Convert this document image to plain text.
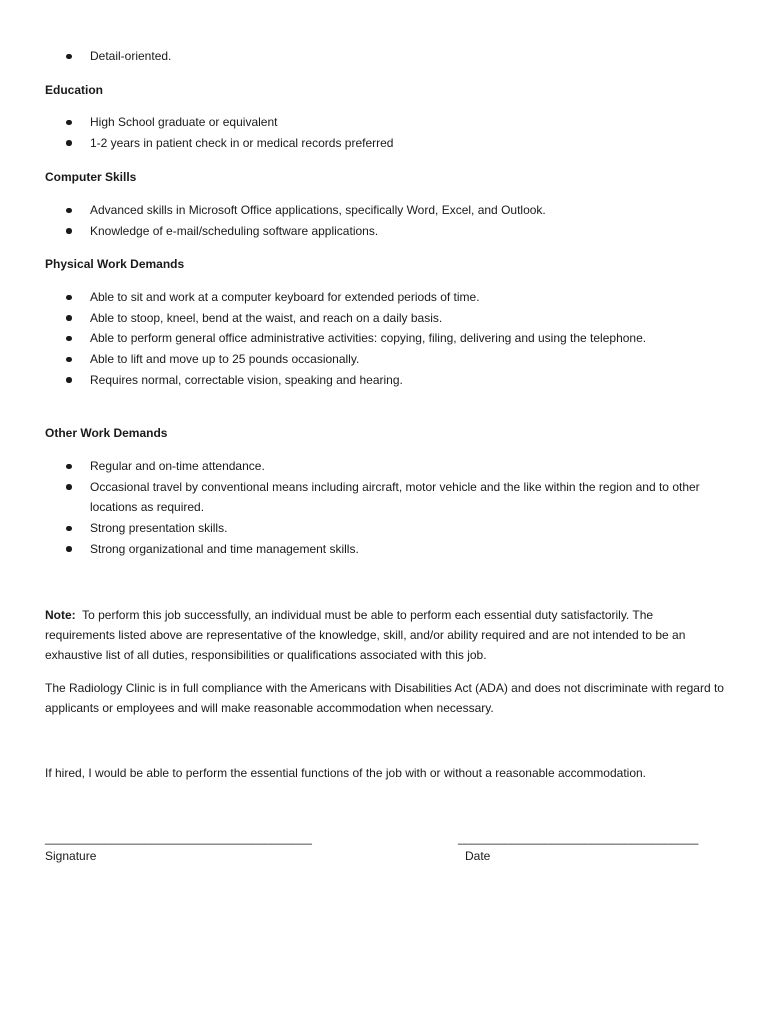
Detail-oriented.
Education
High School graduate or equivalent
1-2 years in patient check in or medical records preferred
Computer Skills
Advanced skills in Microsoft Office applications, specifically Word, Excel, and Outlook.
Knowledge of e-mail/scheduling software applications.
Physical Work Demands
Able to sit and work at a computer keyboard for extended periods of time.
Able to stoop, kneel, bend at the waist, and reach on a daily basis.
Able to perform general office administrative activities: copying, filing, delivering and using the telephone.
Able to lift and move up to 25 pounds occasionally.
Requires normal, correctable vision, speaking and hearing.
Other Work Demands
Regular and on-time attendance.
Occasional travel by conventional means including aircraft, motor vehicle and the like within the region and to other locations as required.
Strong presentation skills.
Strong organizational and time management skills.
Note: To perform this job successfully, an individual must be able to perform each essential duty satisfactorily. The requirements listed above are representative of the knowledge, skill, and/or ability required and are not intended to be an exhaustive list of all duties, responsibilities or qualifications associated with this job.
The Radiology Clinic is in full compliance with the Americans with Disabilities Act (ADA) and does not discriminate with regard to applicants or employees and will make reasonable accommodation when necessary.
If hired, I would be able to perform the essential functions of the job with or without a reasonable accommodation.
________________________________________
Signature
____________________________________
Date
